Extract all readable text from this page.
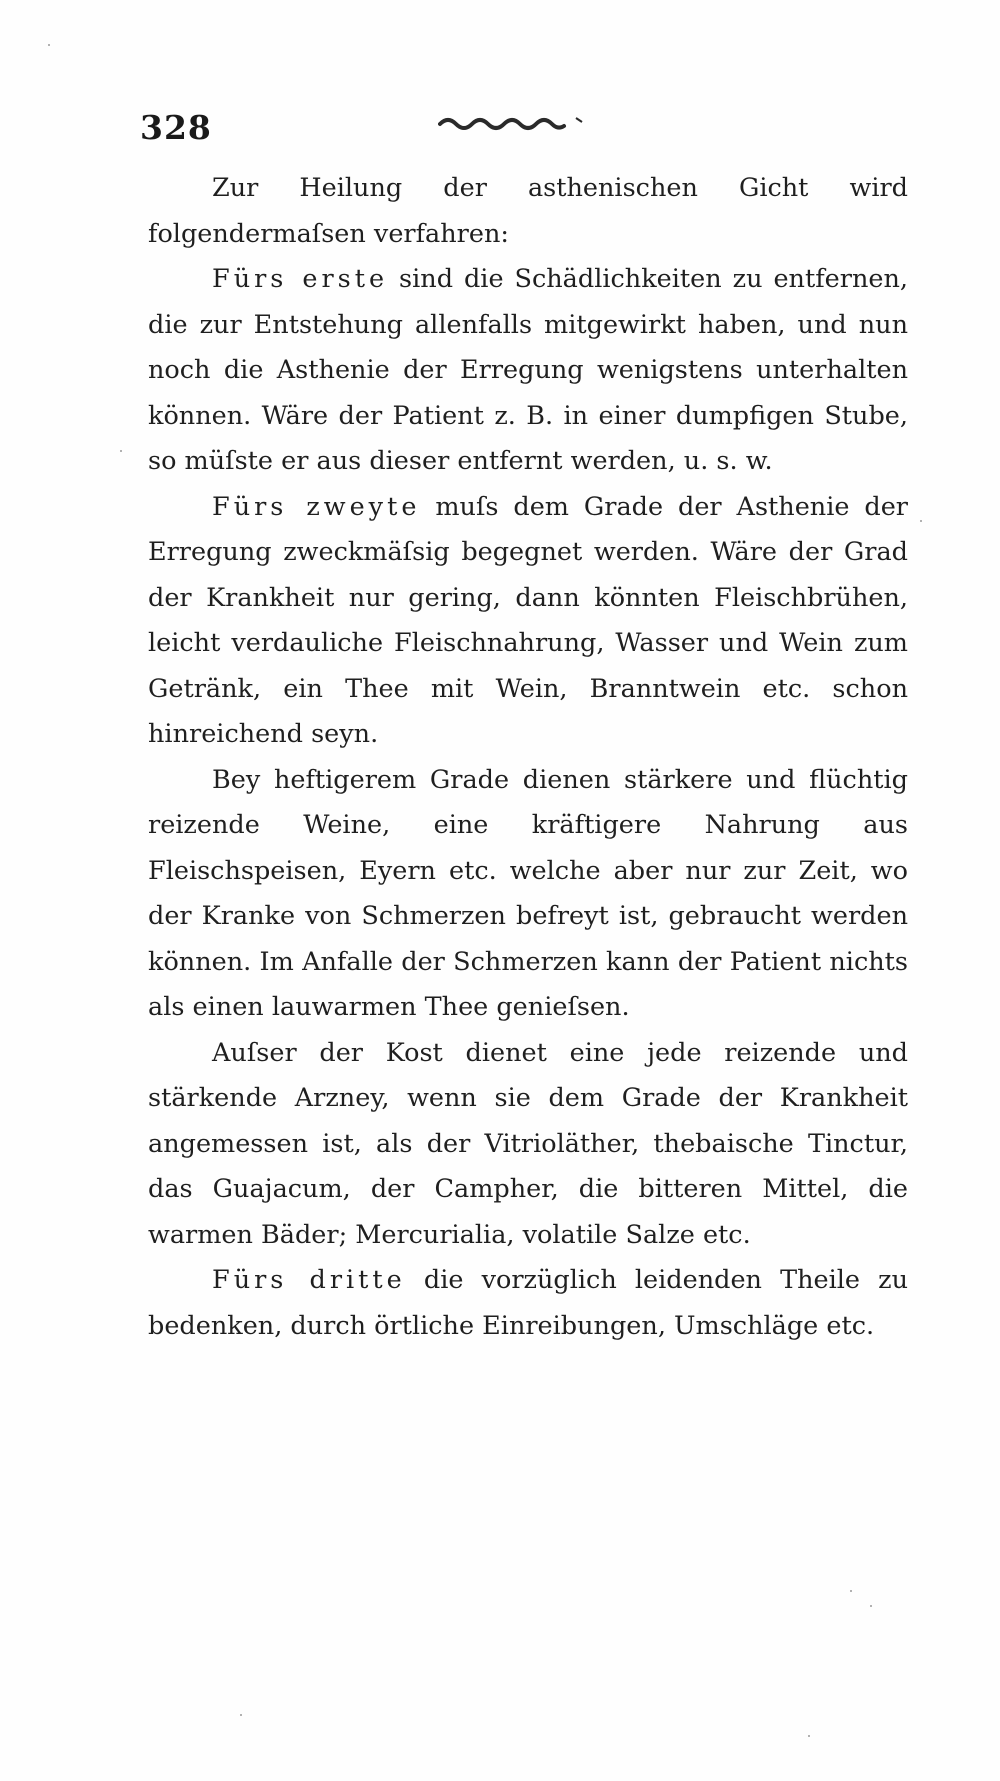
328

Zur Heilung der asthenischen Gicht wird folgendermaſsen verfahren:

Fürs erste sind die Schädlichkeiten zu entfernen, die zur Entstehung allenfalls mitgewirkt haben, und nun noch die Asthenie der Erregung wenigstens unterhalten können. Wäre der Patient z. B. in einer dumpfigen Stube, so müſste er aus dieser entfernt werden, u. s. w.

Fürs zweyte muſs dem Grade der Asthenie der Erregung zweckmäſsig begegnet werden. Wäre der Grad der Krankheit nur gering, dann könnten Fleischbrühen, leicht verdauliche Fleischnahrung, Wasser und Wein zum Getränk, ein Thee mit Wein, Branntwein etc. schon hinreichend seyn.

Bey heftigerem Grade dienen stärkere und flüchtig reizende Weine, eine kräftigere Nahrung aus Fleischspeisen, Eyern etc. welche aber nur zur Zeit, wo der Kranke von Schmerzen befreyt ist, gebraucht werden können. Im Anfalle der Schmerzen kann der Patient nichts als einen lauwarmen Thee genieſsen.

Auſser der Kost dienet eine jede reizende und stärkende Arzney, wenn sie dem Grade der Krankheit angemessen ist, als der Vitrioläther, thebaische Tinctur, das Guajacum, der Campher, die bitteren Mittel, die warmen Bäder; Mercurialia, volatile Salze etc.

Fürs dritte die vorzüglich leidenden Theile zu bedenken, durch örtliche Einreibungen, Umschläge etc.
